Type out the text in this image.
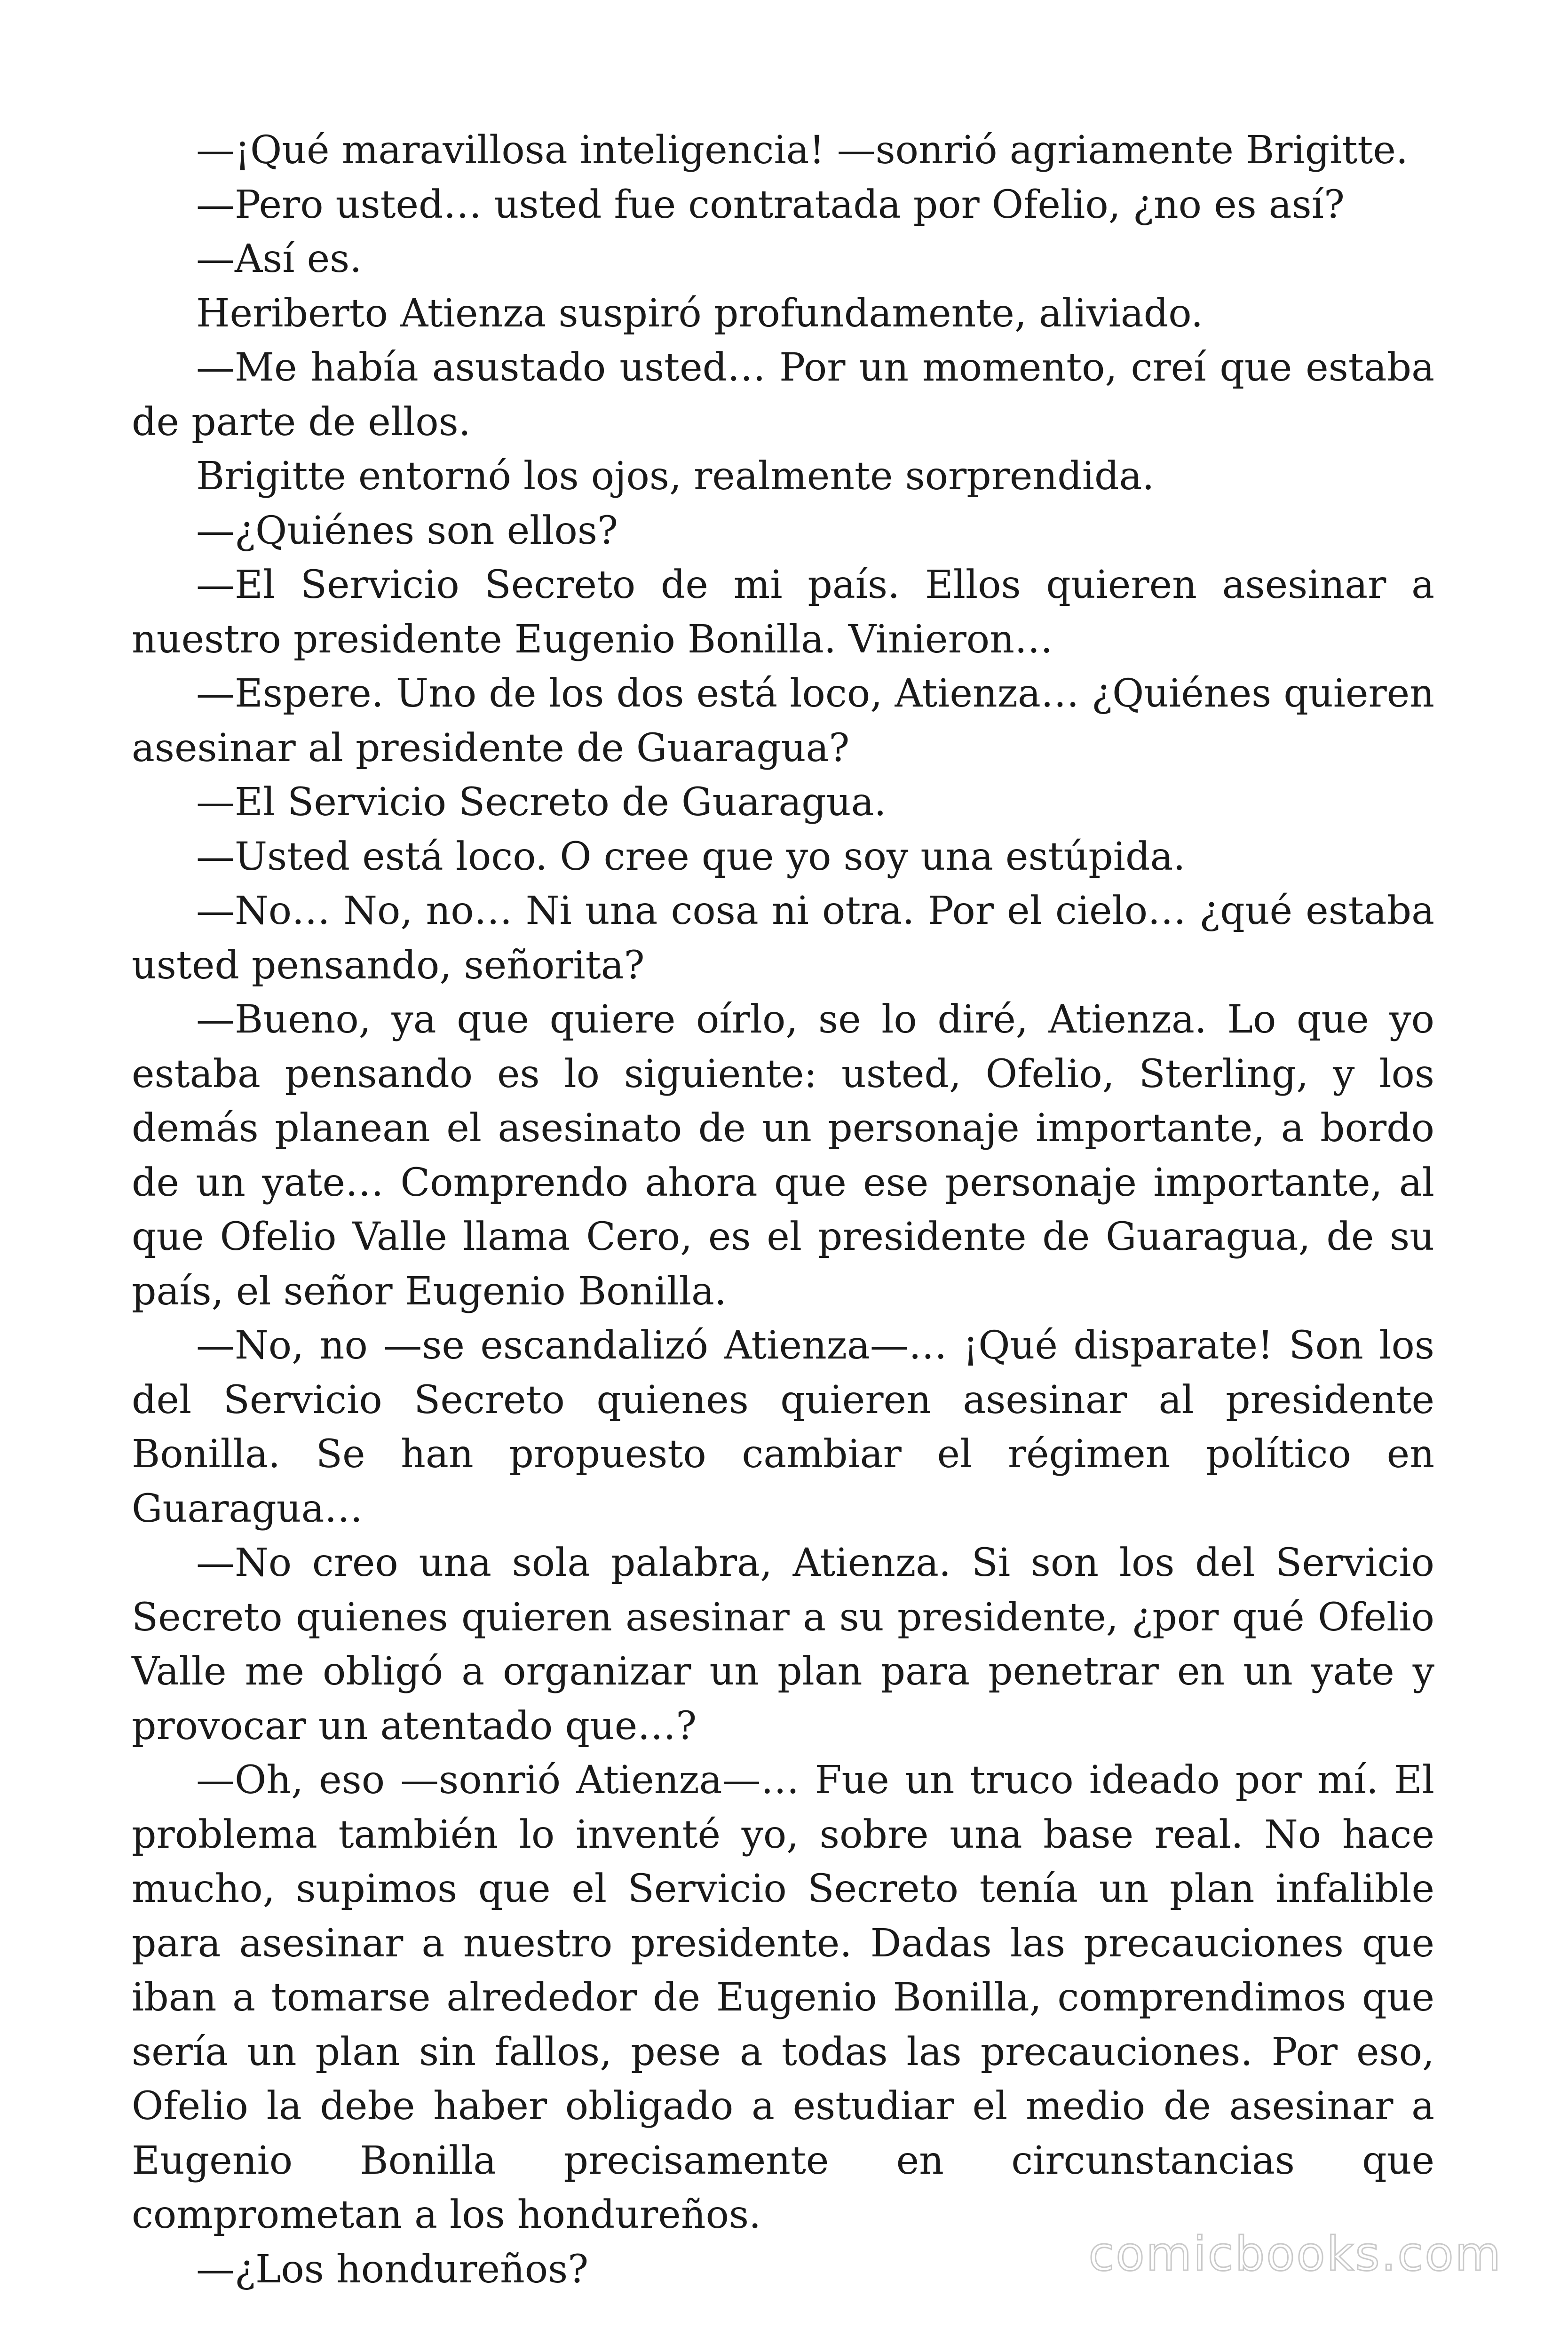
—¡Qué maravillosa inteligencia! —sonrió agriamente Brigitte.

—Pero usted… usted fue contratada por Ofelio, ¿no es así?

—Así es.

Heriberto Atienza suspiró profundamente, aliviado.

—Me había asustado usted… Por un momento, creí que estaba de parte de ellos.

Brigitte entornó los ojos, realmente sorprendida.

—¿Quiénes son ellos?

—El Servicio Secreto de mi país. Ellos quieren asesinar a nuestro presidente Eugenio Bonilla. Vinieron…

—Espere. Uno de los dos está loco, Atienza… ¿Quiénes quieren asesinar al presidente de Guaragua?

—El Servicio Secreto de Guaragua.

—Usted está loco. O cree que yo soy una estúpida.

—No… No, no… Ni una cosa ni otra. Por el cielo… ¿qué estaba usted pensando, señorita?

—Bueno, ya que quiere oírlo, se lo diré, Atienza. Lo que yo estaba pensando es lo siguiente: usted, Ofelio, Sterling, y los demás planean el asesinato de un personaje importante, a bordo de un yate… Comprendo ahora que ese personaje importante, al que Ofelio Valle llama Cero, es el presidente de Guaragua, de su país, el señor Eugenio Bonilla.

—No, no —se escandalizó Atienza—… ¡Qué disparate! Son los del Servicio Secreto quienes quieren asesinar al presidente Bonilla. Se han propuesto cambiar el régimen político en Guaragua…

—No creo una sola palabra, Atienza. Si son los del Servicio Secreto quienes quieren asesinar a su presidente, ¿por qué Ofelio Valle me obligó a organizar un plan para penetrar en un yate y provocar un atentado que…?

—Oh, eso —sonrió Atienza—… Fue un truco ideado por mí. El problema también lo inventé yo, sobre una base real. No hace mucho, supimos que el Servicio Secreto tenía un plan infalible para asesinar a nuestro presidente. Dadas las precauciones que iban a tomarse alrededor de Eugenio Bonilla, comprendimos que sería un plan sin fallos, pese a todas las precauciones. Por eso, Ofelio la debe haber obligado a estudiar el medio de asesinar a Eugenio Bonilla precisamente en circunstancias que comprometan a los hondureños.

—¿Los hondureños?	comicbooks.com
